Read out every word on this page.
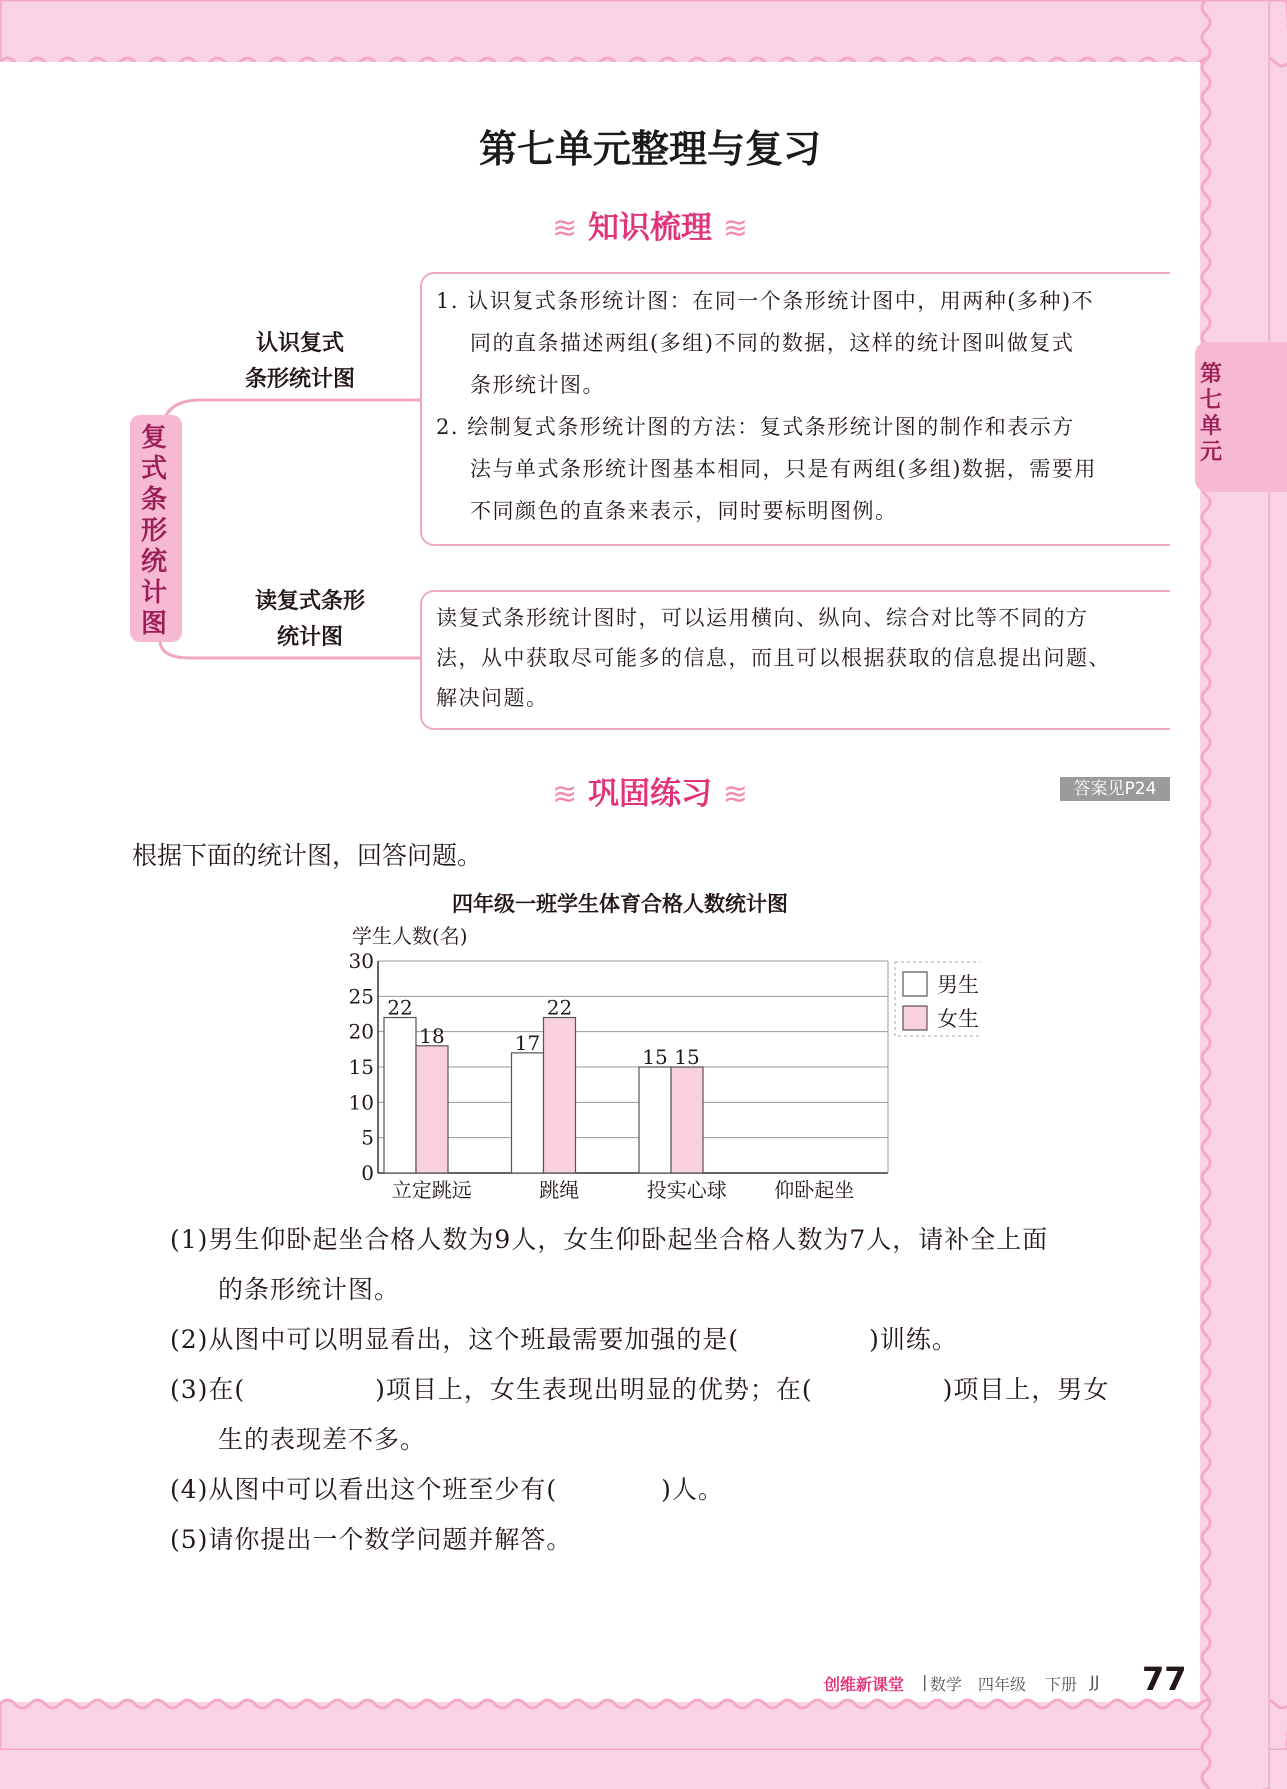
第七单元
第七单元整理与复习
≋ 知识梳理 ≋
复式条形统计图
认识复式
条形统计图
读复式条形
统计图
1. 认识复式条形统计图：在同一个条形统计图中，用两种(多种)不
同的直条描述两组(多组)不同的数据，这样的统计图叫做复式
条形统计图。
2. 绘制复式条形统计图的方法：复式条形统计图的制作和表示方
法与单式条形统计图基本相同，只是有两组(多组)数据，需要用
不同颜色的直条来表示，同时要标明图例。
读复式条形统计图时，可以运用横向、纵向、综合对比等不同的方
法，从中获取尽可能多的信息，而且可以根据获取的信息提出问题、
解决问题。
≋ 巩固练习 ≋	答案见P24
根据下面的统计图，回答问题。
四年级一班学生体育合格人数统计图
学生人数(名)
0
5
10
15
20
25
30
22
18
立定跳远
17
22
跳绳
15 15
投实心球 仰卧起坐
男生
女生
(1)男生仰卧起坐合格人数为9人，女生仰卧起坐合格人数为7人，请补全上面
的条形统计图。
(2)从图中可以明显看出，这个班最需要加强的是(　　　　　)训练。
(3)在(　　　　　)项目上，女生表现出明显的优势；在(　　　　　)项目上，男女
生的表现差不多。
(4)从图中可以看出这个班至少有(　　　　)人。
(5)请你提出一个数学问题并解答。
创维新课堂 | 数学 四年级 下册 JJ 77
